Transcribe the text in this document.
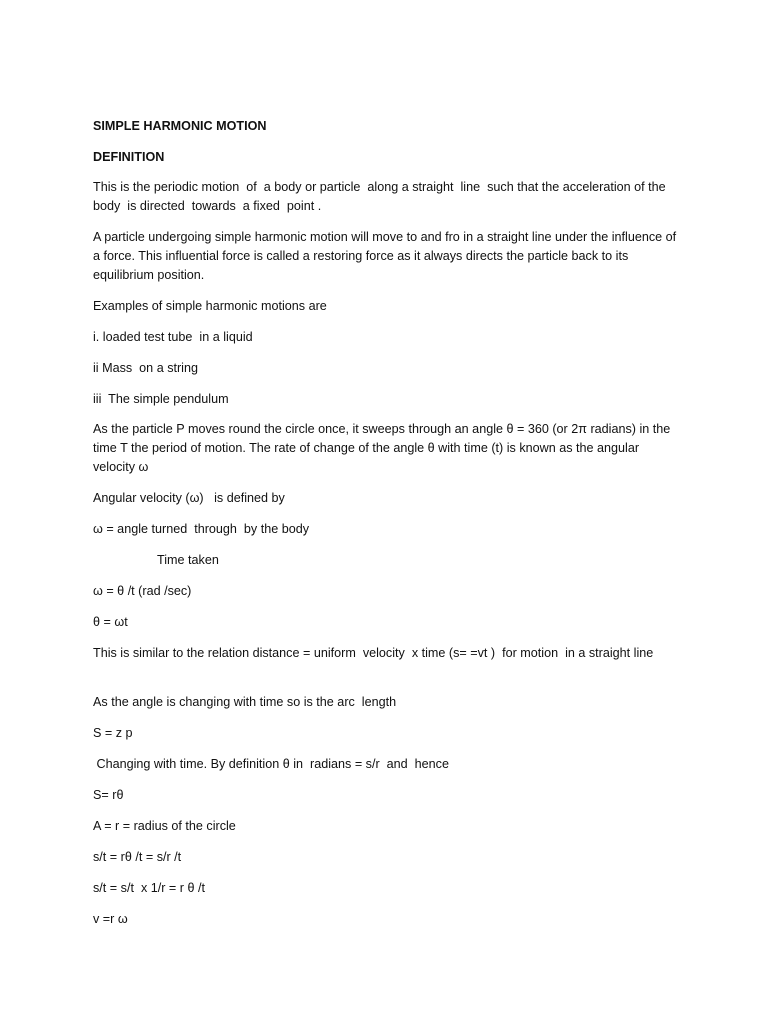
SIMPLE HARMONIC MOTION

DEFINITION

This is the periodic motion  of  a body or particle  along a straight  line  such that the acceleration of the body  is directed  towards  a fixed  point .

A particle undergoing simple harmonic motion will move to and fro in a straight line under the influence of a force. This influential force is called a restoring force as it always directs the particle back to its equilibrium position.

Examples of simple harmonic motions are

i. loaded test tube  in a liquid

ii Mass  on a string

iii  The simple pendulum

As the particle P moves round the circle once, it sweeps through an angle θ = 360 (or 2π radians) in the time T the period of motion. The rate of change of the angle θ with time (t) is known as the angular velocity ω

Angular velocity (ω)   is defined by

ω = angle turned  through  by the body

Time taken

ω = θ /t (rad /sec)

θ = ωt

This is similar to the relation distance = uniform  velocity  x time (s= =vt )  for motion  in a straight line

As the angle is changing with time so is the arc  length

S = z p

Changing with time. By definition θ in  radians = s/r  and  hence

S= rθ

A = r = radius of the circle

s/t = rθ /t = s/r /t

s/t = s/t  x 1/r = r θ /t

v =r ω
